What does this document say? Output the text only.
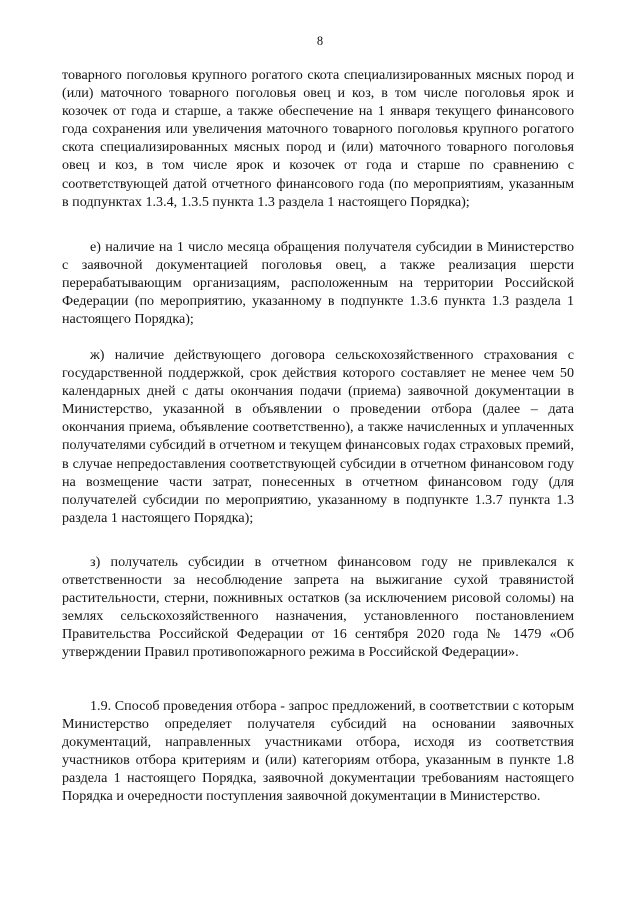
8

товарного поголовья крупного рогатого скота специализированных мясных пород и (или) маточного товарного поголовья овец и коз, в том числе поголовья ярок и козочек от года и старше, а также обеспечение на 1 января текущего финансового года сохранения или увеличения маточного товарного поголовья крупного рогатого скота специализированных мясных пород и (или) маточного товарного поголовья овец и коз, в том числе ярок и козочек от года и старше по сравнению с соответствующей датой отчетного финансового года (по мероприятиям, указанным в подпунктах 1.3.4, 1.3.5 пункта 1.3 раздела 1 настоящего Порядка);

е) наличие на 1 число месяца обращения получателя субсидии в Министерство с заявочной документацией поголовья овец, а также реализация шерсти перерабатывающим организациям, расположенным на территории Российской Федерации (по мероприятию, указанному в подпункте 1.3.6 пункта 1.3 раздела 1 настоящего Порядка);

ж) наличие действующего договора сельскохозяйственного страхования с государственной поддержкой, срок действия которого составляет не менее чем 50 календарных дней с даты окончания подачи (приема) заявочной документации в Министерство, указанной в объявлении о проведении отбора (далее – дата окончания приема, объявление соответственно), а также начисленных и уплаченных получателями субсидий в отчетном и текущем финансовых годах страховых премий, в случае непредоставления соответствующей субсидии в отчетном финансовом году на возмещение части затрат, понесенных в отчетном финансовом году (для получателей субсидии по мероприятию, указанному в подпункте 1.3.7 пункта 1.3 раздела 1 настоящего Порядка);

з) получатель субсидии в отчетном финансовом году не привлекался к ответственности за несоблюдение запрета на выжигание сухой травянистой растительности, стерни, пожнивных остатков (за исключением рисовой соломы) на землях сельскохозяйственного назначения, установленного постановлением Правительства Российской Федерации от 16 сентября 2020 года № 1479 «Об утверждении Правил противопожарного режима в Российской Федерации».

1.9. Способ проведения отбора - запрос предложений, в соответствии с которым Министерство определяет получателя субсидий на основании заявочных документаций, направленных участниками отбора, исходя из соответствия участников отбора критериям и (или) категориям отбора, указанным в пункте 1.8 раздела 1 настоящего Порядка, заявочной документации требованиям настоящего Порядка и очередности поступления заявочной документации в Министерство.
